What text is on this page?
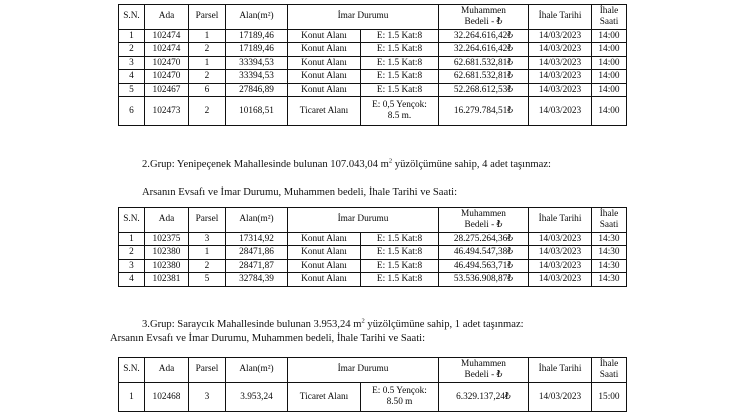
S.N.	Ada	Parsel	Alan(m²)	İmar Durumu		Muhammen
Bedeli - ₺	İhale Tarihi	İhale
Saati
1	102474	1	17189,46	Konut Alanı	E: 1.5 Kat:8	32.264.616,42₺	14/03/2023	14:00
2	102474	2	17189,46	Konut Alanı	E: 1.5 Kat:8	32.264.616,42₺	14/03/2023	14:00
3	102470	1	33394,53	Konut Alanı	E: 1.5 Kat:8	62.681.532,81₺	14/03/2023	14:00
4	102470	2	33394,53	Konut Alanı	E: 1.5 Kat:8	62.681.532,81₺	14/03/2023	14:00
5	102467	6	27846,89	Konut Alanı	E: 1.5 Kat:8	52.268.612,53₺	14/03/2023	14:00
6	102473	2	10168,51	Ticaret Alanı	E: 0,5 Yençok:
8.5 m.	16.279.784,51₺	14/03/2023	14:00
2.Grup: Yenipeçenek Mahallesinde bulunan 107.043,04 $m^2$ yüzölçümüne sahip, 4 adet taşınmaz:
Arsanın Evsafı ve İmar Durumu, Muhammen bedeli, İhale Tarihi ve Saati:
S.N.	Ada	Parsel	Alan(m²)	İmar Durumu		Muhammen
Bedeli - ₺	İhale Tarihi	İhale
Saati
1	102375	3	17314,92	Konut Alanı	E: 1.5 Kat:8	28.275.264,36₺	14/03/2023	14:30
2	102380	1	28471,86	Konut Alanı	E: 1.5 Kat:8	46.494.547,38₺	14/03/2023	14:30
3	102380	2	28471,87	Konut Alanı	E: 1.5 Kat:8	46.494.563,71₺	14/03/2023	14:30
4	102381	5	32784,39	Konut Alanı	E: 1.5 Kat:8	53.536.908,87₺	14/03/2023	14:30
3.Grup: Saraycık Mahallesinde bulunan 3.953,24 $m^2$ yüzölçümüne sahip, 1 adet taşınmaz:
Arsanın Evsafı ve İmar Durumu, Muhammen bedeli, İhale Tarihi ve Saati:
S.N.	Ada	Parsel	Alan(m²)	İmar Durumu		Muhammen
Bedeli - ₺	İhale Tarihi	İhale
Saati
1	102468	3	3.953,24	Ticaret Alanı	E: 0.5 Yençok:
8.50 m	6.329.137,24₺	14/03/2023	15:00
